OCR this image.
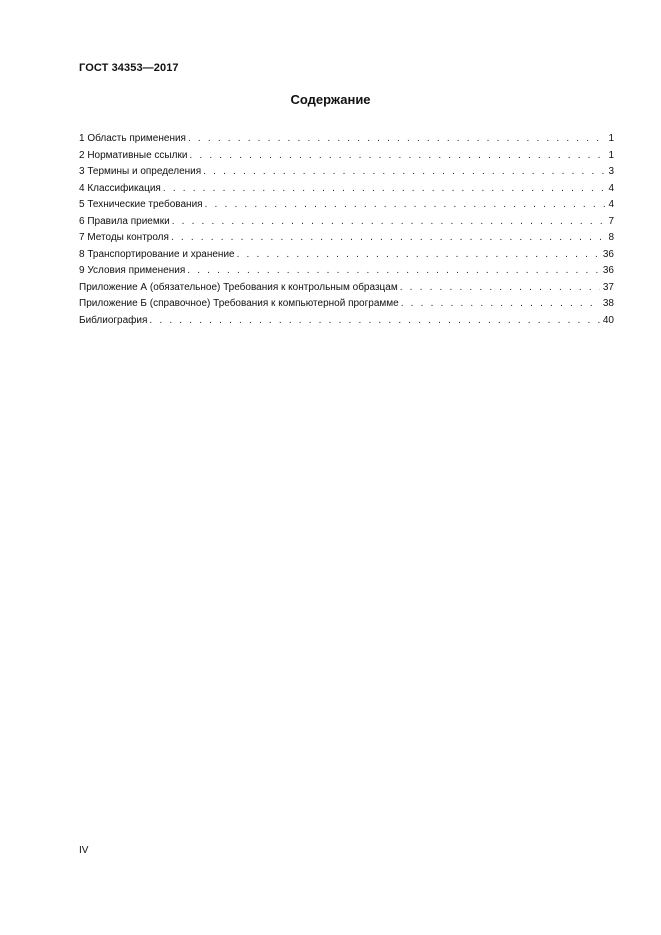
ГОСТ 34353—2017
Содержание
1 Область применения . . .	1
2 Нормативные ссылки . . .	1
3 Термины и определения . . .	3
4 Классификация . . .	4
5 Технические требования . . .	4
6 Правила приемки . . .	7
7 Методы контроля . . .	8
8 Транспортирование и хранение . . .	36
9 Условия применения . . .	36
Приложение А (обязательное) Требования к контрольным образцам . . .	37
Приложение Б (справочное) Требования к компьютерной программе . . .	38
Библиография . . .	40
IV
